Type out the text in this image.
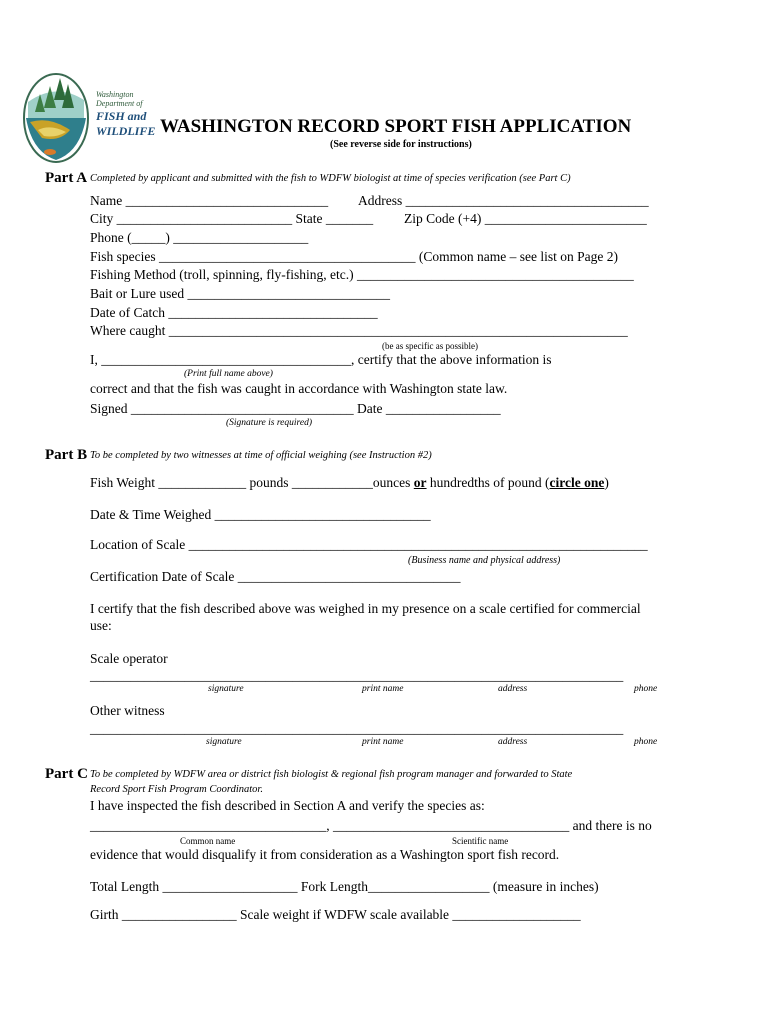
Washington
Department of
FISH and
WILDLIFE WASHINGTON RECORD SPORT FISH APPLICATION
(See reverse side for instructions)
Part A Completed by applicant and submitted with the fish to WDFW biologist at time of species verification (see Part C)
Name ______________________________ Address ____________________________________
City __________________________ State _______ Zip Code (+4) ________________________
Phone (_____) ____________________
Fish species ______________________________________ (Common name – see list on Page 2)
Fishing Method (troll, spinning, fly-fishing, etc.) _________________________________________
Bait or Lure used ______________________________
Date of Catch _______________________________
Where caught ____________________________________________________________________
(be as specific as possible)
I, _____________________________________, certify that the above information is
(Print full name above)
correct and that the fish was caught in accordance with Washington state law.
Signed _________________________________ Date _________________
(Signature is required)
Part B To be completed by two witnesses at time of official weighing (see Instruction #2)
Fish Weight _____________ pounds ____________ounces or hundredths of pound (circle one)
Date & Time Weighed ________________________________
Location of Scale ____________________________________________________________________
(Business name and physical address)
Certification Date of Scale _________________________________
I certify that the fish described above was weighed in my presence on a scale certified for commercial
use:
Scale operator
_______________________________________________________________________________
signature	print name	address	phone
Other witness
_______________________________________________________________________________
signature	print name	address	phone
Part C To be completed by WDFW area or district fish biologist & regional fish program manager and forwarded to State
Record Sport Fish Program Coordinator.
I have inspected the fish described in Section A and verify the species as:
___________________________________, ___________________________________ and there is no
Common name	Scientific name
evidence that would disqualify it from consideration as a Washington sport fish record.
Total Length ____________________ Fork Length__________________ (measure in inches)
Girth _________________ Scale weight if WDFW scale available ___________________
